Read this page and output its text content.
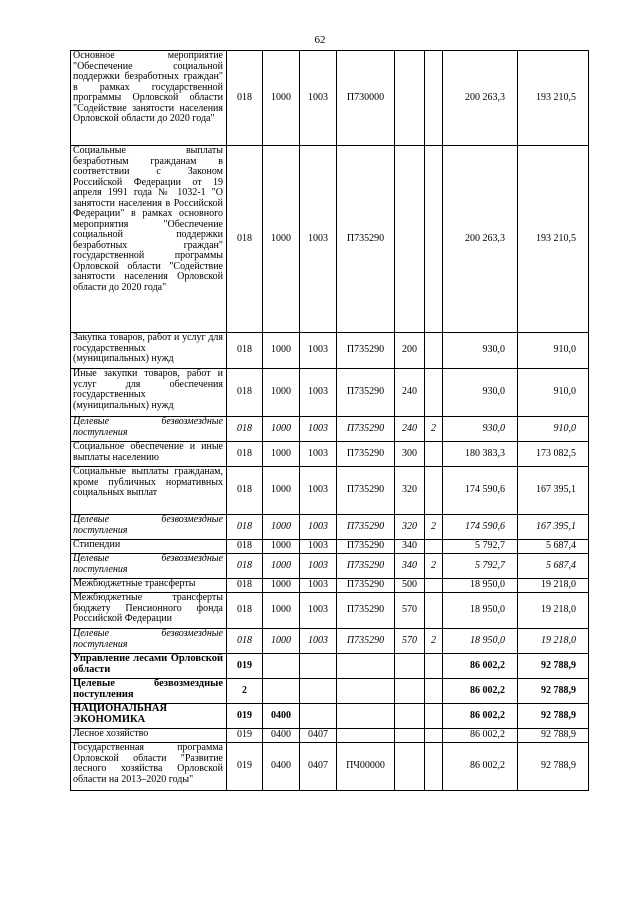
62
Основное мероприятие "Обеспечение социальной поддержки безработных граждан" в рамках государственной программы Орловской области "Содействие занятости населения Орловской области до 2020 года"	018	1000	1003	П730000			200 263,3	193 210,5
Социальные выплаты безработным гражданам в соответствии с Законом Российской Федерации от 19 апреля 1991 года № 1032-1 "О занятости населения в Российской Федерации" в рамках основного мероприятия "Обеспечение социальной поддержки безработных граждан" государственной программы Орловской области "Содействие занятости населения Орловской области до 2020 года"	018	1000	1003	П735290			200 263,3	193 210,5
Закупка товаров, работ и услуг для государственных (муниципальных) нужд	018	1000	1003	П735290	200		930,0	910,0
Иные закупки товаров, работ и услуг для обеспечения государственных (муниципальных) нужд	018	1000	1003	П735290	240		930,0	910,0
Целевые безвозмездные поступления	018	1000	1003	П735290	240	2	930,0	910,0
Социальное обеспечение и иные выплаты населению	018	1000	1003	П735290	300		180 383,3	173 082,5
Социальные выплаты гражданам, кроме публичных нормативных социальных выплат	018	1000	1003	П735290	320		174 590,6	167 395,1
Целевые безвозмездные поступления	018	1000	1003	П735290	320	2	174 590,6	167 395,1
Стипендии	018	1000	1003	П735290	340		5 792,7	5 687,4
Целевые безвозмездные поступления	018	1000	1003	П735290	340	2	5 792,7	5 687,4
Межбюджетные трансферты	018	1000	1003	П735290	500		18 950,0	19 218,0
Межбюджетные трансферты бюджету Пенсионного фонда Российской Федерации	018	1000	1003	П735290	570		18 950,0	19 218,0
Целевые безвозмездные поступления	018	1000	1003	П735290	570	2	18 950,0	19 218,0
Управление лесами Орловской области	019						86 002,2	92 788,9
Целевые безвозмездные поступления	2						86 002,2	92 788,9
НАЦИОНАЛЬНАЯ ЭКОНОМИКА	019	0400					86 002,2	92 788,9
Лесное хозяйство	019	0400	0407				86 002,2	92 788,9
Государственная программа Орловской области "Развитие лесного хозяйства Орловской области на 2013–2020 годы"	019	0400	0407	ПЧ00000			86 002,2	92 788,9
